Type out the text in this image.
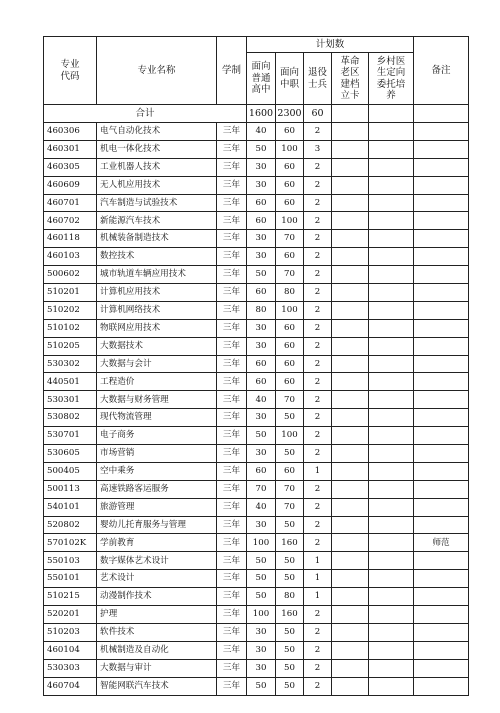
专业代码	专业名称	学制	计划数					备注
			面向普通高中	面向中职	退役士兵	革命老区建档立卡	乡村医生定向委托培养	
合计			1600	2300	60			
460306	电气自动化技术	三年	40	60	2			
460301	机电一体化技术	三年	50	100	3			
460305	工业机器人技术	三年	30	60	2			
460609	无人机应用技术	三年	30	60	2			
460701	汽车制造与试验技术	三年	60	60	2			
460702	新能源汽车技术	三年	60	100	2			
460118	机械装备制造技术	三年	30	70	2			
460103	数控技术	三年	30	60	2			
500602	城市轨道车辆应用技术	三年	50	70	2			
510201	计算机应用技术	三年	60	80	2			
510202	计算机网络技术	三年	80	100	2			
510102	物联网应用技术	三年	30	60	2			
510205	大数据技术	三年	30	60	2			
530302	大数据与会计	三年	60	60	2			
440501	工程造价	三年	60	60	2			
530301	大数据与财务管理	三年	40	70	2			
530802	现代物流管理	三年	30	50	2			
530701	电子商务	三年	50	100	2			
530605	市场营销	三年	30	50	2			
500405	空中乘务	三年	60	60	1			
500113	高速铁路客运服务	三年	70	70	2			
540101	旅游管理	三年	40	70	2			
520802	婴幼儿托育服务与管理	三年	30	50	2			
570102K	学前教育	三年	100	160	2			师范
550103	数字媒体艺术设计	三年	50	50	1			
550101	艺术设计	三年	50	50	1			
510215	动漫制作技术	三年	50	80	1			
520201	护理	三年	100	160	2			
510203	软件技术	三年	30	50	2			
460104	机械制造及自动化	三年	30	50	2			
530303	大数据与审计	三年	30	50	2			
460704	智能网联汽车技术	三年	50	50	2			
